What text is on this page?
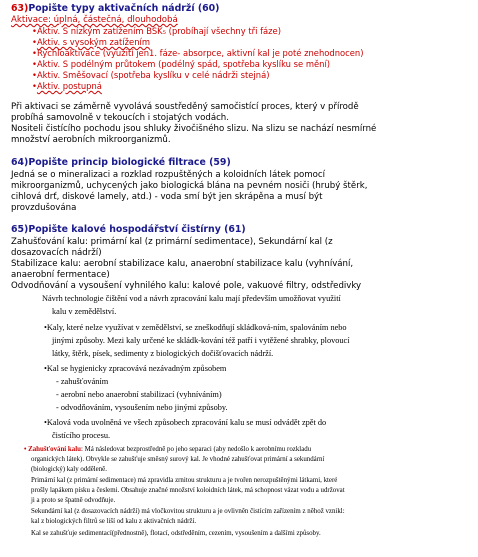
63)Popište typy aktivačních nádrží (60)
Aktivace: úplná, částečná, dlouhodobá
•Aktiv. S nízkým zatížením BSK₅ (probíhají všechny tři fáze)
•Aktiv. s vysokým zatížením
•Rychloaktivace (využití jen1. fáze- absorpce, aktivní kal je poté znehodnocen)
•Aktiv. S podélným průtokem (podélný spád, spotřeba kyslíku se mění)
•Aktiv. Směšovací (spotřeba kyslíku v celé nádrži stejná)
•Aktiv. postupná
Při aktivaci se záměrně vyvolává soustředěný samočistící proces, který v přírodě
probíhá samovolně v tekoucích i stojatých vodách.
Nositeli čistícího pochodu jsou shluky živočišného slizu. Na slizu se nachází nesmírné
množství aerobních mikroorganizmů.
64)Popište princip biologické filtrace (59)
Jedná se o mineralizaci a rozklad rozpuštěných a koloidních látek pomocí
mikroorganizmů, uchycených jako biologická blána na pevném nosiči (hrubý štěrk,
cihlová drť, diskové lamely, atd.) - voda smí být jen skrápěna a musí být
provzdušována
65)Popište kalové hospodářství čistírny (61)
Zahušťování kalu: primární kal (z primární sedimentace), Sekundární kal (z
dosazovacích nádrží)
Stabilizace kalu: aerobní stabilizace kalu, anaerobní stabilizace kalu (vyhnívání,
anaerobní fermentace)
Odvodňování a vysoušení vyhnilého kalu: kalové pole, vakuové filtry, odstředivky
Návrh technologie čištění vod a návrh zpracování kalu mají především umožňovat využití
kalu v zemědělství.
•Kaly, které nelze využívat v zemědělství, se zneškodňují skládková-ním, spalováním nebo
jinými způsoby. Mezi kaly určené ke skládk-kování též patří i vytěžené shrabky, plovoucí
látky, štěrk, písek, sedimenty z biologických dočišťovacích nádrží.
•Kal se hygienicky zpracovává nezávadným způsobem
- zahušťováním
- aerobní nebo anaerobní stabilizací (vyhníváním)
- odvodňováním, vysoušením nebo jinými způsoby.
•Kalová voda uvolněná ve všech způsobech zpracování kalu se musí odvádět zpět do
čistícího procesu.
• Zahušťování kalu: Má následovat bezprostředně po jeho separaci (aby nedošlo k aerobnímu rozkladu
organických látek). Obvykle se zahušťuje směsný surový kal. Je vhodné zahušťovat primární a sekundární
(biologický) kaly odděleně.
Primární kal (z primární sedimentace) má zpravidla zrnitou strukturu a je tvořen nerozpuštěnými látkami, které
prošly lapákem písku a česlemi. Obsahuje značné množství koloidních látek, má schopnost vázat vodu a udržovat
ji a proto se špatně odvodňuje.
Sekundární kal (z dosazovacích nádrží) má vločkovitou strukturu a je ovlivněn čistícím zařízením z něhož vznikl:
kal z biologických filtrů se liší od kalu z aktivačních nádrží.
Kal se zahušťuje sedimentací(přednostně), flotací, odstředěním, cezením, vysoušením a dalšími způsoby.
